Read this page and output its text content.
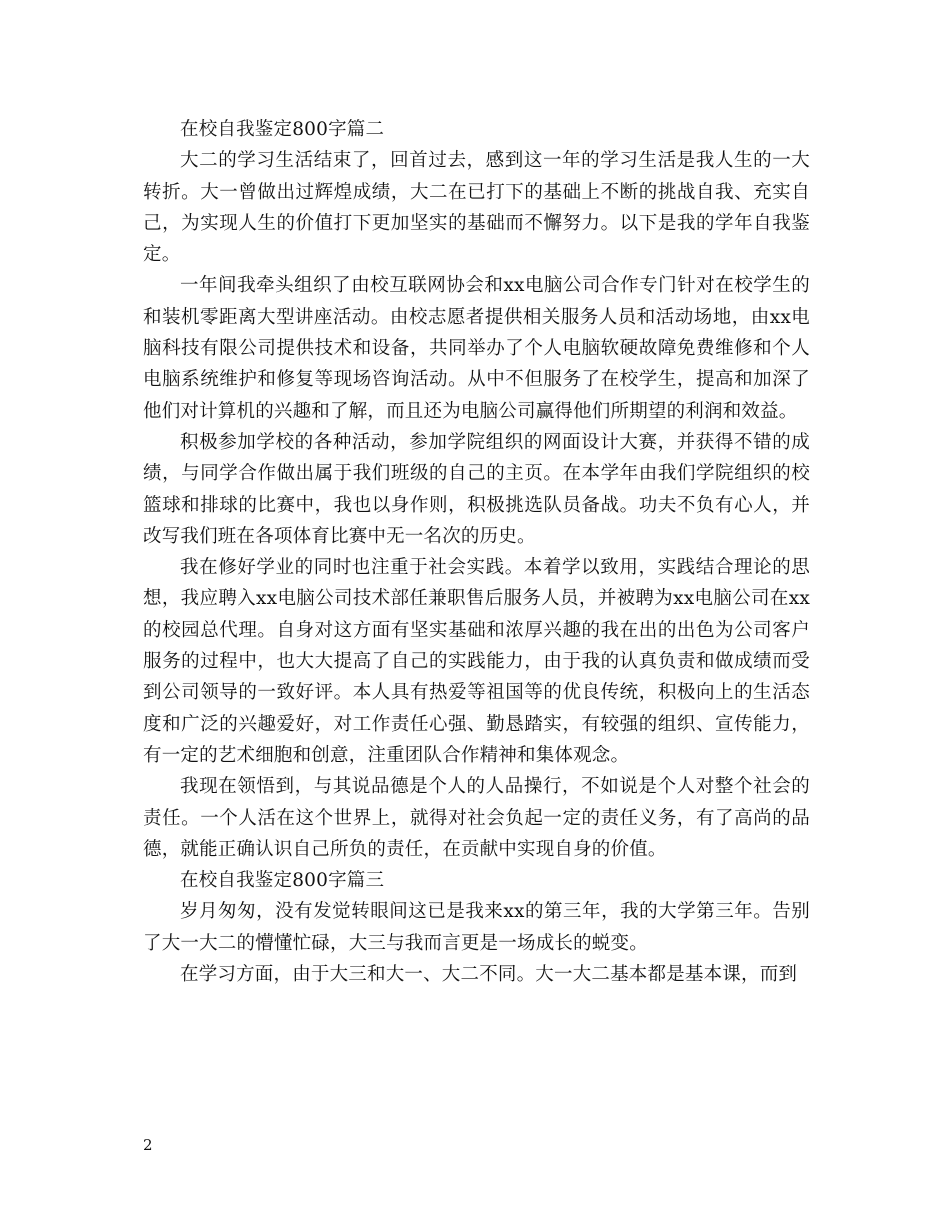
在校自我鉴定800字篇二

大二的学习生活结束了，回首过去，感到这一年的学习生活是我人生的一大转折。大一曾做出过辉煌成绩，大二在已打下的基础上不断的挑战自我、充实自己，为实现人生的价值打下更加坚实的基础而不懈努力。以下是我的学年自我鉴定。

一年间我牵头组织了由校互联网协会和xx电脑公司合作专门针对在校学生的和装机零距离大型讲座活动。由校志愿者提供相关服务人员和活动场地，由xx电脑科技有限公司提供技术和设备，共同举办了个人电脑软硬故障免费维修和个人电脑系统维护和修复等现场咨询活动。从中不但服务了在校学生，提高和加深了他们对计算机的兴趣和了解，而且还为电脑公司赢得他们所期望的利润和效益。

积极参加学校的各种活动，参加学院组织的网面设计大赛，并获得不错的成绩，与同学合作做出属于我们班级的自己的主页。在本学年由我们学院组织的校篮球和排球的比赛中，我也以身作则，积极挑选队员备战。功夫不负有心人，并改写我们班在各项体育比赛中无一名次的历史。

我在修好学业的同时也注重于社会实践。本着学以致用，实践结合理论的思想，我应聘入xx电脑公司技术部任兼职售后服务人员，并被聘为xx电脑公司在xx的校园总代理。自身对这方面有坚实基础和浓厚兴趣的我在出的出色为公司客户服务的过程中，也大大提高了自己的实践能力，由于我的认真负责和做成绩而受到公司领导的一致好评。本人具有热爱等祖国等的优良传统，积极向上的生活态度和广泛的兴趣爱好，对工作责任心强、勤恳踏实，有较强的组织、宣传能力，有一定的艺术细胞和创意，注重团队合作精神和集体观念。

我现在领悟到，与其说品德是个人的人品操行，不如说是个人对整个社会的责任。一个人活在这个世界上，就得对社会负起一定的责任义务，有了高尚的品德，就能正确认识自己所负的责任，在贡献中实现自身的价值。

在校自我鉴定800字篇三

岁月匆匆，没有发觉转眼间这已是我来xx的第三年，我的大学第三年。告别了大一大二的懵懂忙碌，大三与我而言更是一场成长的蜕变。

在学习方面，由于大三和大一、大二不同。大一大二基本都是基本课，而到

2
